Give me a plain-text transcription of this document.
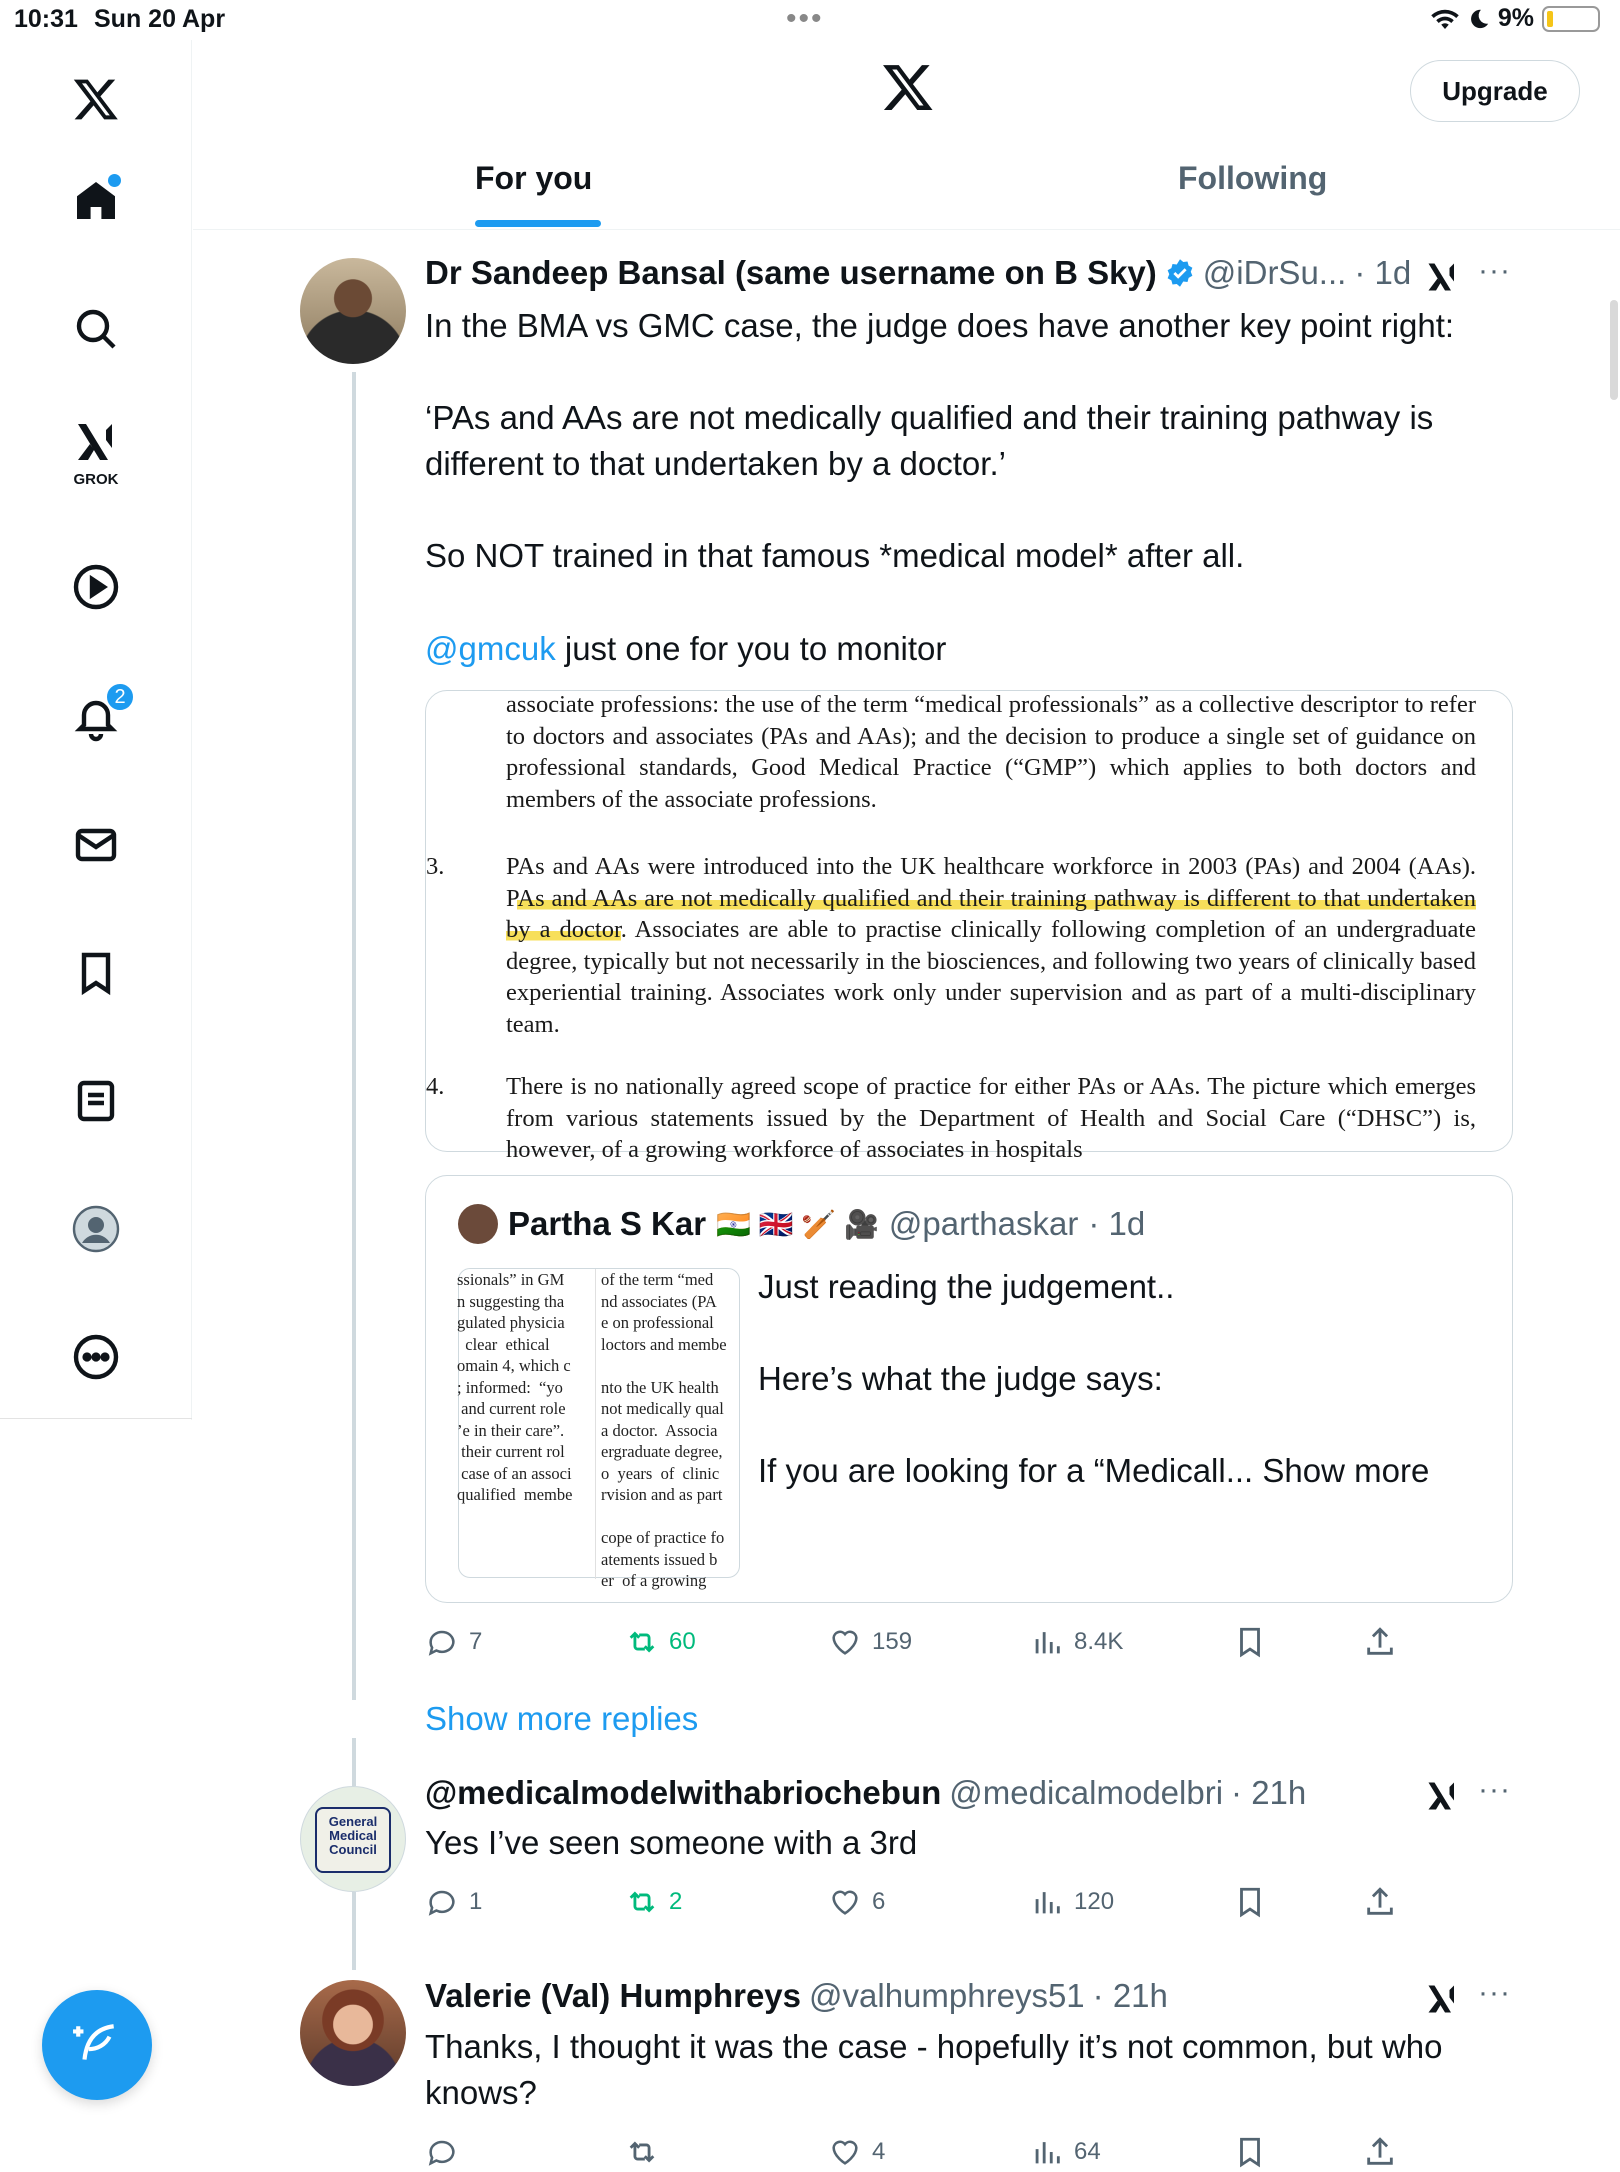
10:31 Sun 20 Apr	•••	9%
GROK
2
Upgrade
For you	Following
Dr Sandeep Bansal (same username on B Sky) @iDrSu... · 1d ···
In the BMA vs GMC case, the judge does have another key point right:
‘PAs and AAs are not medically qualified and their training pathway is different to that undertaken by a doctor.’
So NOT trained in that famous *medical model* after all.
@gmcuk just one for you to monitor
associate professions: the use of the term “medical professionals” as a collective descriptor to refer to doctors and associates (PAs and AAs); and the decision to produce a single set of guidance on professional standards, Good Medical Practice (“GMP”) which applies to both doctors and members of the associate professions.
3.	PAs and AAs were introduced into the UK healthcare workforce in 2003 (PAs) and 2004 (AAs). PAs and AAs are not medically qualified and their training pathway is different to that undertaken by a doctor. Associates are able to practise clinically following completion of an undergraduate degree, typically but not necessarily in the biosciences, and following two years of clinically based experiential training. Associates work only under supervision and as part of a multi-disciplinary team.
4.	There is no nationally agreed scope of practice for either PAs or AAs. The picture which emerges from various statements issued by the Department of Health and Social Care (“DHSC”) is, however, of a growing workforce of associates in hospitals
Partha S Kar 🇮🇳 🇬🇧 🏏 🎥 @parthaskar · 1d
ssionals” in GM
n suggesting tha
gulated physicia
clear  ethical
omain 4, which c
; informed:  “yo
and current role
’e in their care”.
their current rol
case of an associ
qualified  membe
of the term “med
nd associates (PA
e on professional
loctors and membe

nto the UK health
not medically qual
a doctor.  Associa
ergraduate degree,
o  years  of  clinic
rvision and as part

cope of practice fo
atements issued b
er  of a growing
Just reading the judgement..

Here’s what the judge says:

If you are looking for a “Medicall... Show more
7	60	159	8.4K
Show more replies
General Medical Council
@medicalmodelwithabriochebun @medicalmodelbri · 21h	···
Yes I’ve seen someone with a 3rd
1	2	6	120
Valerie (Val) Humphreys @valhumphreys51 · 21h	···
Thanks, I thought it was the case - hopefully it’s not common, but who knows?
4	64
